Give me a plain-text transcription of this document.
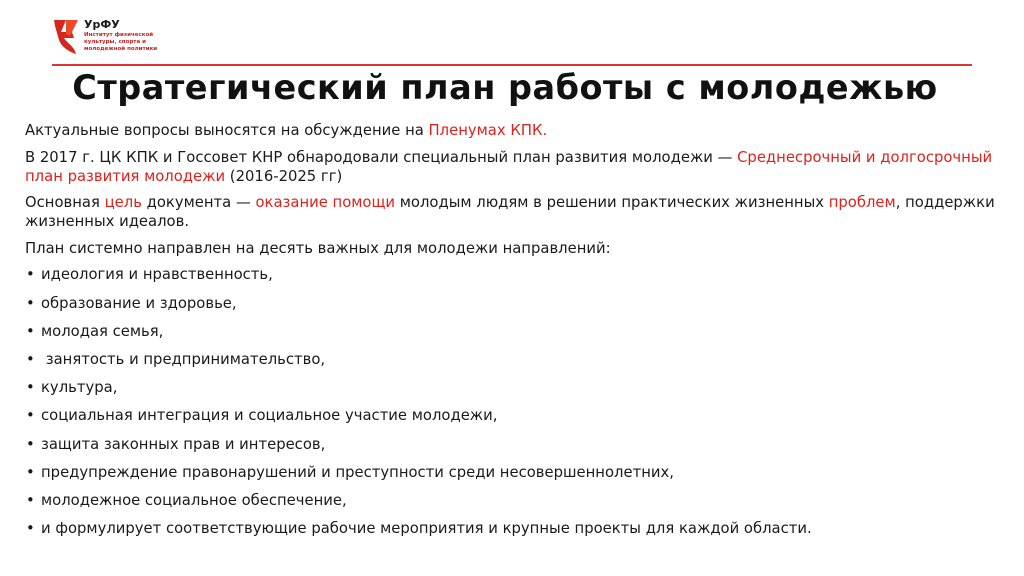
УрФУ
Институт физической культуры, спорта и молодежной политики
Стратегический план работы с молодежью

Актуальные вопросы выносятся на обсуждение на Пленумах КПК.

В 2017 г. ЦК КПК и Госсовет КНР обнародовали специальный план развития молодежи — Среднесрочный и долгосрочный план развития молодежи (2016-2025 гг)

Основная цель документа — оказание помощи молодым людям в решении практических жизненных проблем, поддержки жизненных идеалов.

План системно направлен на десять важных для молодежи направлений:

• идеология и нравственность,
• образование и здоровье,
• молодая семья,
• занятость и предпринимательство,
• культура,
• социальная интеграция и социальное участие молодежи,
• защита законных прав и интересов,
• предупреждение правонарушений и преступности среди несовершеннолетних,
• молодежное социальное обеспечение,
• и формулирует соответствующие рабочие мероприятия и крупные проекты для каждой области.
